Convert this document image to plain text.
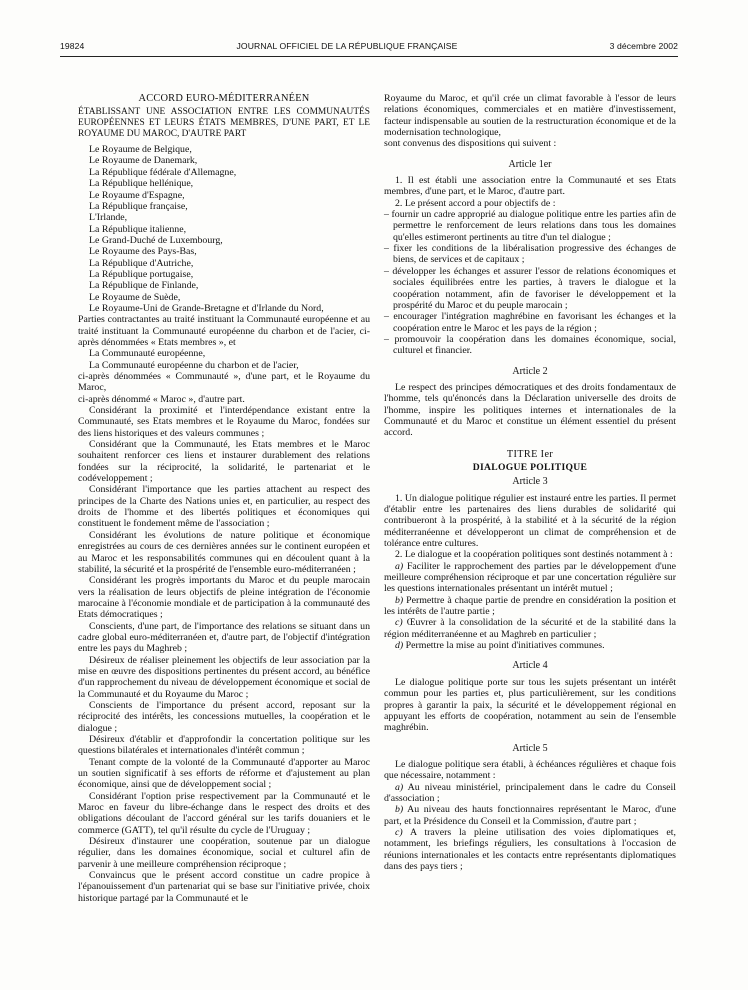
19824	JOURNAL OFFICIEL DE LA RÉPUBLIQUE FRANÇAISE	3 décembre 2002

ACCORD EURO-MÉDITERRANÉEN

ÉTABLISSANT UNE ASSOCIATION ENTRE LES COMMUNAUTÉS EUROPÉENNES ET LEURS ÉTATS MEMBRES, D'UNE PART, ET LE ROYAUME DU MAROC, D'AUTRE PART

Le Royaume de Belgique,

Le Royaume de Danemark,

La République fédérale d'Allemagne,

La République hellénique,

Le Royaume d'Espagne,

La République française,

L'Irlande,

La République italienne,

Le Grand-Duché de Luxembourg,

Le Royaume des Pays-Bas,

La République d'Autriche,

La République portugaise,

La République de Finlande,

Le Royaume de Suède,

Le Royaume-Uni de Grande-Bretagne et d'Irlande du Nord,

Parties contractantes au traité instituant la Communauté européenne et au traité instituant la Communauté européenne du charbon et de l'acier, ci-après dénommées « Etats membres », et

La Communauté européenne,

La Communauté européenne du charbon et de l'acier,

ci-après dénommées « Communauté », d'une part, et le Royaume du Maroc,

ci-après dénommé « Maroc », d'autre part.

Considérant la proximité et l'interdépendance existant entre la Communauté, ses Etats membres et le Royaume du Maroc, fondées sur des liens historiques et des valeurs communes ;

Considérant que la Communauté, les Etats membres et le Maroc souhaitent renforcer ces liens et instaurer durablement des relations fondées sur la réciprocité, la solidarité, le partenariat et le codéveloppement ;

Considérant l'importance que les parties attachent au respect des principes de la Charte des Nations unies et, en particulier, au respect des droits de l'homme et des libertés politiques et économiques qui constituent le fondement même de l'association ;

Considérant les évolutions de nature politique et économique enregistrées au cours de ces dernières années sur le continent européen et au Maroc et les responsabilités communes qui en découlent quant à la stabilité, la sécurité et la prospérité de l'ensemble euro-méditerranéen ;

Considérant les progrès importants du Maroc et du peuple marocain vers la réalisation de leurs objectifs de pleine intégration de l'économie marocaine à l'économie mondiale et de participation à la communauté des Etats démocratiques ;

Conscients, d'une part, de l'importance des relations se situant dans un cadre global euro-méditerranéen et, d'autre part, de l'objectif d'intégration entre les pays du Maghreb ;

Désireux de réaliser pleinement les objectifs de leur association par la mise en œuvre des dispositions pertinentes du présent accord, au bénéfice d'un rapprochement du niveau de développement économique et social de la Communauté et du Royaume du Maroc ;

Conscients de l'importance du présent accord, reposant sur la réciprocité des intérêts, les concessions mutuelles, la coopération et le dialogue ;

Désireux d'établir et d'approfondir la concertation politique sur les questions bilatérales et internationales d'intérêt commun ;

Tenant compte de la volonté de la Communauté d'apporter au Maroc un soutien significatif à ses efforts de réforme et d'ajustement au plan économique, ainsi que de développement social ;

Considérant l'option prise respectivement par la Communauté et le Maroc en faveur du libre-échange dans le respect des droits et des obligations découlant de l'accord général sur les tarifs douaniers et le commerce (GATT), tel qu'il résulte du cycle de l'Uruguay ;

Désireux d'instaurer une coopération, soutenue par un dialogue régulier, dans les domaines économique, social et culturel afin de parvenir à une meilleure compréhension réciproque ;

Convaincus que le présent accord constitue un cadre propice à l'épanouissement d'un partenariat qui se base sur l'initiative privée, choix historique partagé par la Communauté et le

Royaume du Maroc, et qu'il crée un climat favorable à l'essor de leurs relations économiques, commerciales et en matière d'investissement, facteur indispensable au soutien de la restructuration économique et de la modernisation technologique,

sont convenus des dispositions qui suivent :

Article 1er

1. Il est établi une association entre la Communauté et ses Etats membres, d'une part, et le Maroc, d'autre part.

2. Le présent accord a pour objectifs de :

– fournir un cadre approprié au dialogue politique entre les parties afin de permettre le renforcement de leurs relations dans tous les domaines qu'elles estimeront pertinents au titre d'un tel dialogue ;

– fixer les conditions de la libéralisation progressive des échanges de biens, de services et de capitaux ;

– développer les échanges et assurer l'essor de relations économiques et sociales équilibrées entre les parties, à travers le dialogue et la coopération notamment, afin de favoriser le développement et la prospérité du Maroc et du peuple marocain ;

– encourager l'intégration maghrébine en favorisant les échanges et la coopération entre le Maroc et les pays de la région ;

– promouvoir la coopération dans les domaines économique, social, culturel et financier.

Article 2

Le respect des principes démocratiques et des droits fondamentaux de l'homme, tels qu'énoncés dans la Déclaration universelle des droits de l'homme, inspire les politiques internes et internationales de la Communauté et du Maroc et constitue un élément essentiel du présent accord.

TITRE Ier

DIALOGUE POLITIQUE

Article 3

1. Un dialogue politique régulier est instauré entre les parties. Il permet d'établir entre les partenaires des liens durables de solidarité qui contribueront à la prospérité, à la stabilité et à la sécurité de la région méditerranéenne et développeront un climat de compréhension et de tolérance entre cultures.

2. Le dialogue et la coopération politiques sont destinés notamment à :

a) Faciliter le rapprochement des parties par le développement d'une meilleure compréhension réciproque et par une concertation régulière sur les questions internationales présentant un intérêt mutuel ;

b) Permettre à chaque partie de prendre en considération la position et les intérêts de l'autre partie ;

c) Œuvrer à la consolidation de la sécurité et de la stabilité dans la région méditerranéenne et au Maghreb en particulier ;

d) Permettre la mise au point d'initiatives communes.

Article 4

Le dialogue politique porte sur tous les sujets présentant un intérêt commun pour les parties et, plus particulièrement, sur les conditions propres à garantir la paix, la sécurité et le développement régional en appuyant les efforts de coopération, notamment au sein de l'ensemble maghrébin.

Article 5

Le dialogue politique sera établi, à échéances régulières et chaque fois que nécessaire, notamment :

a) Au niveau ministériel, principalement dans le cadre du Conseil d'association ;

b) Au niveau des hauts fonctionnaires représentant le Maroc, d'une part, et la Présidence du Conseil et la Commission, d'autre part ;

c) A travers la pleine utilisation des voies diplomatiques et, notamment, les briefings réguliers, les consultations à l'occasion de réunions internationales et les contacts entre représentants diplomatiques dans des pays tiers ;
